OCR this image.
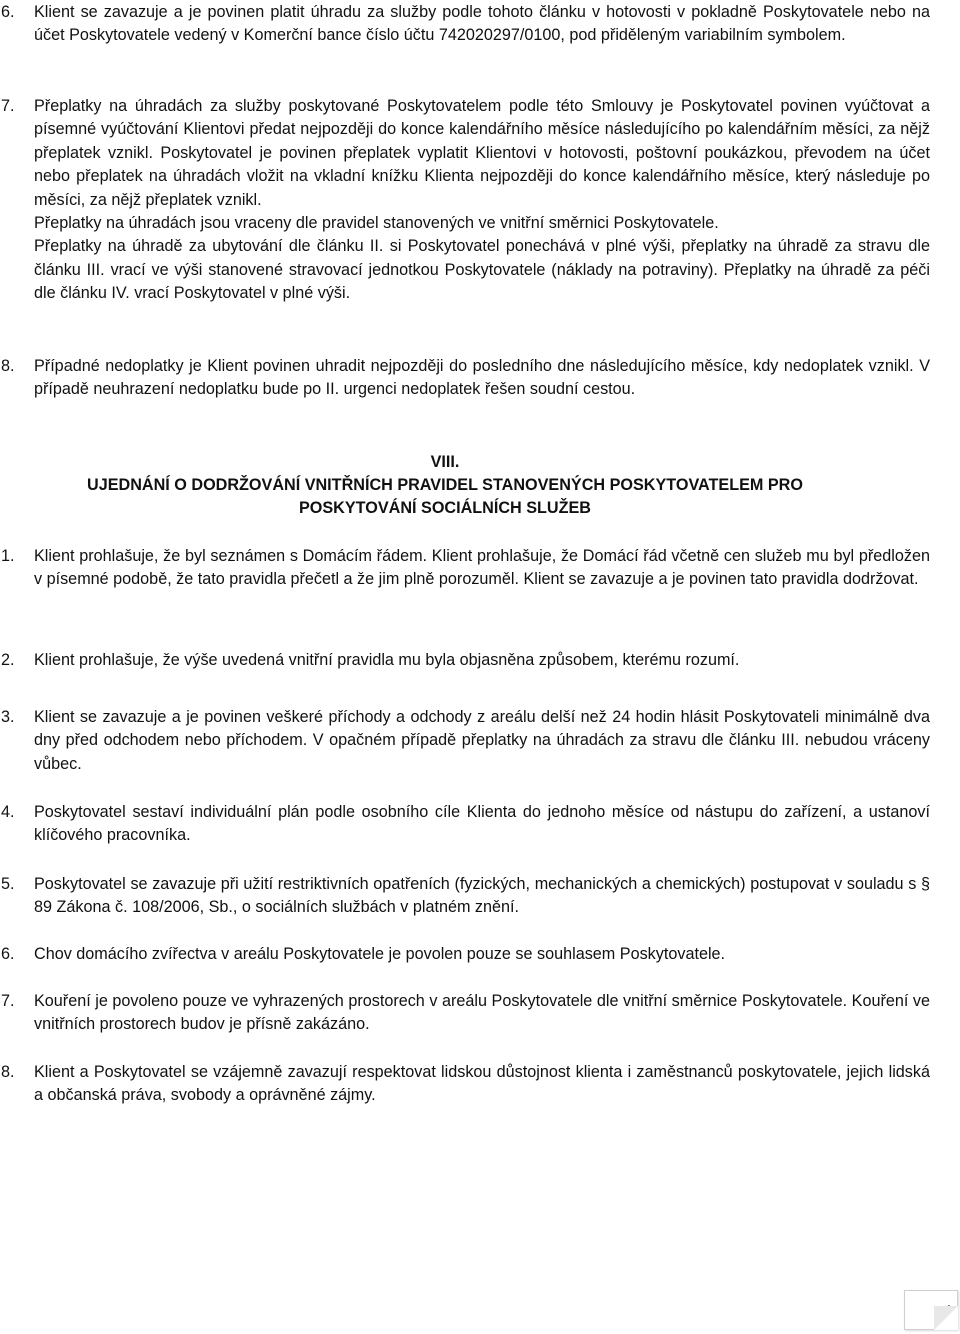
6. Klient se zavazuje a je povinen platit úhradu za služby podle tohoto článku v hotovosti v pokladně Poskytovatele nebo na účet Poskytovatele vedený v Komerční bance číslo účtu 742020297/0100, pod přiděleným variabilním symbolem.

7. Přeplatky na úhradách za služby poskytované Poskytovatelem podle této Smlouvy je Poskytovatel povinen vyúčtovat a písemné vyúčtování Klientovi předat nejpozději do konce kalendářního měsíce následujícího po kalendářním měsíci, za nějž přeplatek vznikl. Poskytovatel je povinen přeplatek vyplatit Klientovi v hotovosti, poštovní poukázkou, převodem na účet nebo přeplatek na úhradách vložit na vkladní knížku Klienta nejpozději do konce kalendářního měsíce, který následuje po měsíci, za nějž přeplatek vznikl.

Přeplatky na úhradách jsou vraceny dle pravidel stanovených ve vnitřní směrnici Poskytovatele.

Přeplatky na úhradě za ubytování dle článku II. si Poskytovatel ponechává v plné výši, přeplatky na úhradě za stravu dle článku III. vrací ve výši stanovené stravovací jednotkou Poskytovatele (náklady na potraviny). Přeplatky na úhradě za péči dle článku IV. vrací Poskytovatel v plné výši.

8. Případné nedoplatky je Klient povinen uhradit nejpozději do posledního dne následujícího měsíce, kdy nedoplatek vznikl. V případě neuhrazení nedoplatku bude po II. urgenci nedoplatek řešen soudní cestou.

VIII.
UJEDNÁNÍ O DODRŽOVÁNÍ VNITŘNÍCH PRAVIDEL STANOVENÝCH POSKYTOVATELEM PRO
POSKYTOVÁNÍ SOCIÁLNÍCH SLUŽEB
1. Klient prohlašuje, že byl seznámen s Domácím řádem. Klient prohlašuje, že Domácí řád včetně cen služeb mu byl předložen v písemné podobě, že tato pravidla přečetl a že jim plně porozuměl. Klient se zavazuje a je povinen tato pravidla dodržovat.

2. Klient prohlašuje, že výše uvedená vnitřní pravidla mu byla objasněna způsobem, kterému rozumí.

3. Klient se zavazuje a je povinen veškeré příchody a odchody z areálu delší než 24 hodin hlásit Poskytovateli minimálně dva dny před odchodem nebo příchodem. V opačném případě přeplatky na úhradách za stravu dle článku III. nebudou vráceny vůbec.

4. Poskytovatel sestaví individuální plán podle osobního cíle Klienta do jednoho měsíce od nástupu do zařízení, a ustanoví klíčového pracovníka.

5. Poskytovatel se zavazuje při užití restriktivních opatřeních (fyzických, mechanických a chemických) postupovat v souladu s § 89 Zákona č. 108/2006, Sb., o sociálních službách v platném znění.

6. Chov domácího zvířectva v areálu Poskytovatele je povolen pouze se souhlasem Poskytovatele.

7. Kouření je povoleno pouze ve vyhrazených prostorech v areálu Poskytovatele dle vnitřní směrnice Poskytovatele. Kouření ve vnitřních prostorech budov je přísně zakázáno.

8. Klient a Poskytovatel se vzájemně zavazují respektovat lidskou důstojnost klienta i zaměstnanců poskytovatele, jejich lidská a občanská práva, svobody a oprávněné zájmy.

4
